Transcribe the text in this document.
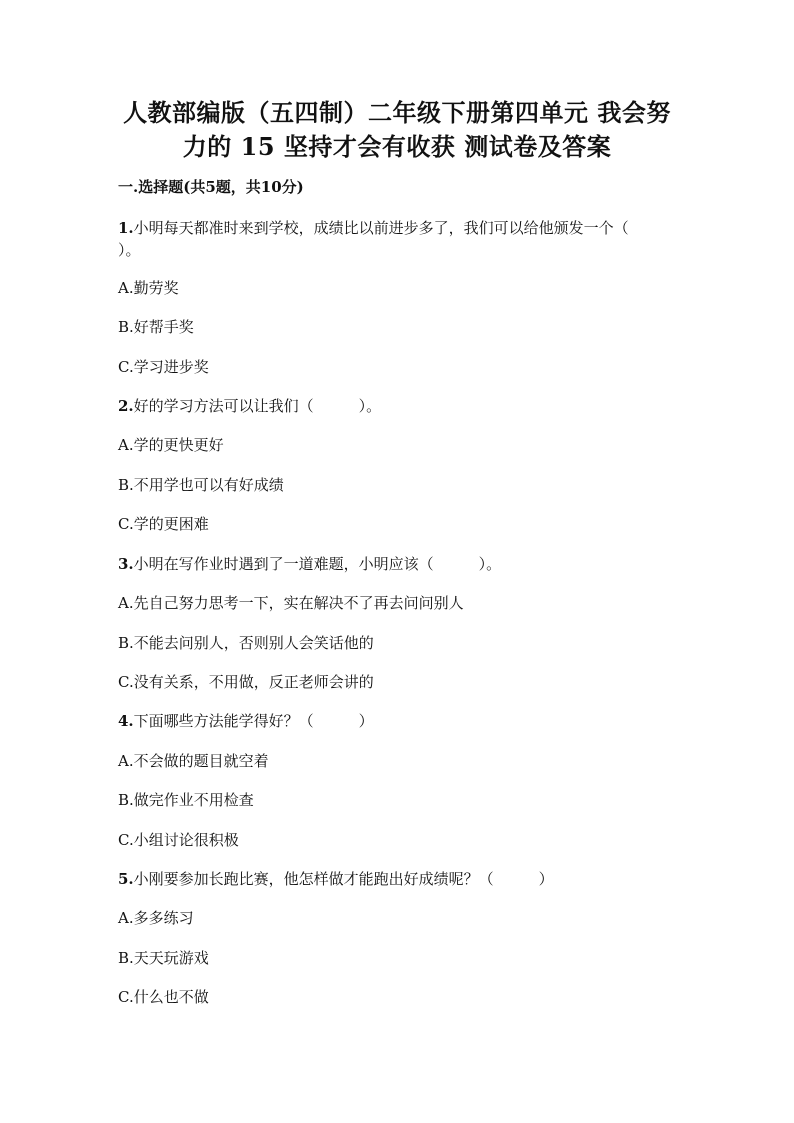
人教部编版（五四制）二年级下册第四单元 我会努
力的 15 坚持才会有收获 测试卷及答案
一.选择题(共5题，共10分)
1.小明每天都准时来到学校，成绩比以前进步多了，我们可以给他颁发一个（　　　）。
A.勤劳奖
B.好帮手奖
C.学习进步奖
2.好的学习方法可以让我们（　　　）。
A.学的更快更好
B.不用学也可以有好成绩
C.学的更困难
3.小明在写作业时遇到了一道难题，小明应该（　　　）。
A.先自己努力思考一下，实在解决不了再去问问别人
B.不能去问别人，否则别人会笑话他的
C.没有关系，不用做，反正老师会讲的
4.下面哪些方法能学得好？（　　　）
A.不会做的题目就空着
B.做完作业不用检查
C.小组讨论很积极
5.小刚要参加长跑比赛，他怎样做才能跑出好成绩呢？（　　　）
A.多多练习
B.天天玩游戏
C.什么也不做
